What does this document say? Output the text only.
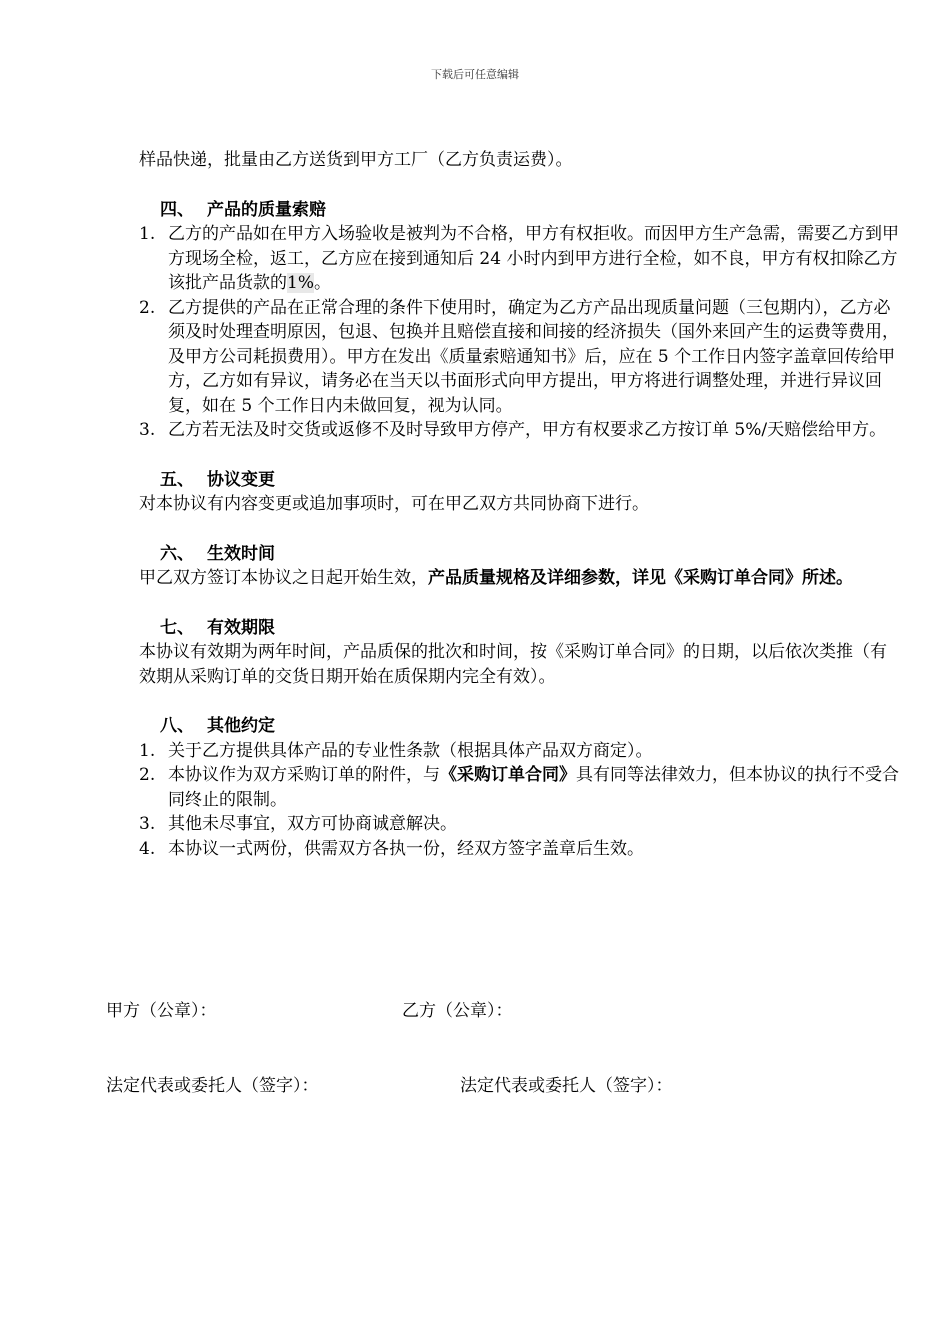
下载后可任意编辑

样品快递，批量由乙方送货到甲方工厂（乙方负责运费）。

四、 产品的质量索赔

1. 乙方的产品如在甲方入场验收是被判为不合格，甲方有权拒收。而因甲方生产急需，需要乙方到甲方现场全检，返工，乙方应在接到通知后 24 小时内到甲方进行全检，如不良，甲方有权扣除乙方该批产品货款的1%。
2. 乙方提供的产品在正常合理的条件下使用时，确定为乙方产品出现质量问题（三包期内），乙方必须及时处理查明原因，包退、包换并且赔偿直接和间接的经济损失（国外来回产生的运费等费用，及甲方公司耗损费用）。甲方在发出《质量索赔通知书》后，应在 5 个工作日内签字盖章回传给甲方，乙方如有异议，请务必在当天以书面形式向甲方提出，甲方将进行调整处理，并进行异议回复，如在 5 个工作日内未做回复，视为认同。
3. 乙方若无法及时交货或返修不及时导致甲方停产，甲方有权要求乙方按订单 5%/天赔偿给甲方。

五、 协议变更

对本协议有内容变更或追加事项时，可在甲乙双方共同协商下进行。

六、 生效时间

甲乙双方签订本协议之日起开始生效，产品质量规格及详细参数，详见《采购订单合同》所述。

七、 有效期限

本协议有效期为两年时间，产品质保的批次和时间，按《采购订单合同》的日期，以后依次类推（有效期从采购订单的交货日期开始在质保期内完全有效）。

八、 其他约定

1. 关于乙方提供具体产品的专业性条款（根据具体产品双方商定）。
2. 本协议作为双方采购订单的附件，与《采购订单合同》具有同等法律效力，但本协议的执行不受合同终止的限制。
3. 其他未尽事宜，双方可协商诚意解决。
4. 本协议一式两份，供需双方各执一份，经双方签字盖章后生效。
甲方（公章）：	乙方（公章）：
法定代表或委托人（签字）：	法定代表或委托人（签字）：
